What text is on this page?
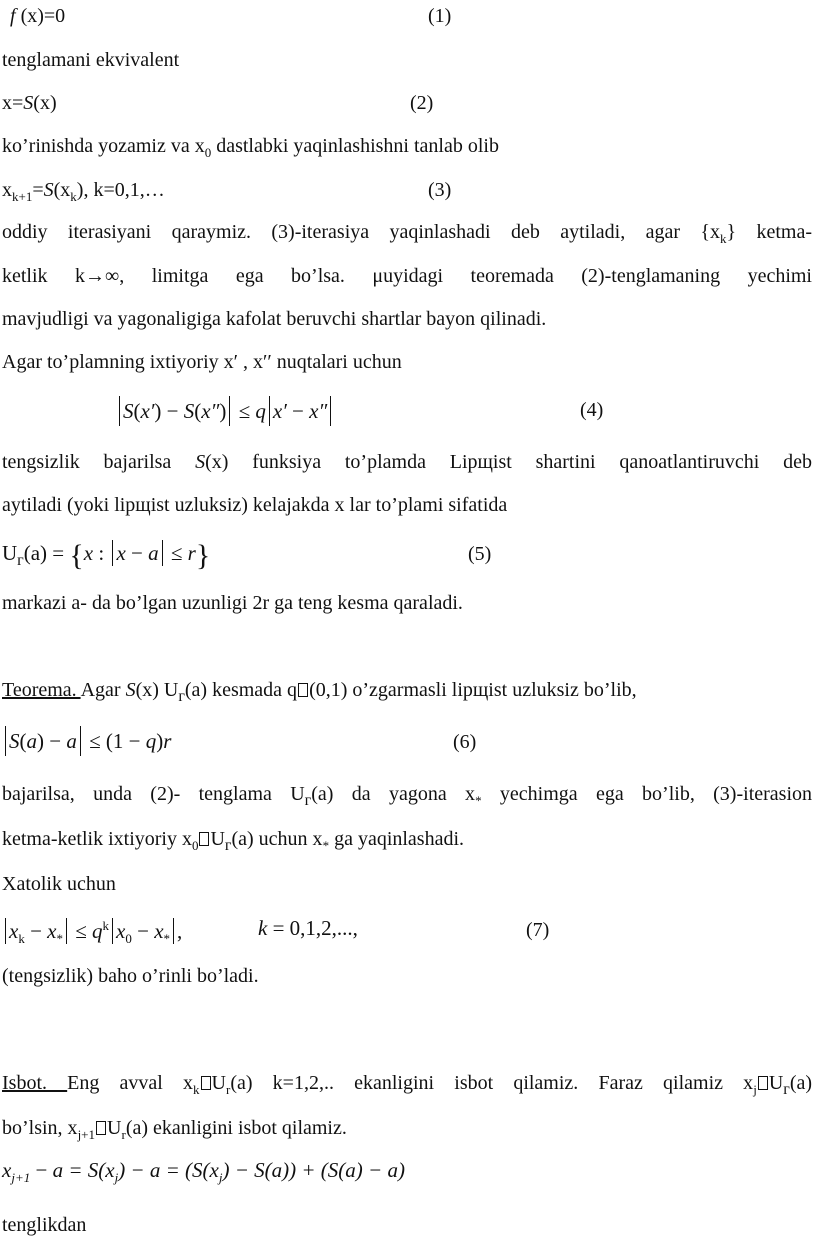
f (x)=0	(1)
tenglamani ekvivalent
x=S(x)	(2)
ko’rinishda yozamiz va $x_0$ dastlabki yaqinlashishni tanlab olib
$x_{k+1}=S(x_k)$, k=0,1,…	(3)
oddiy iterasiyani qaraymiz. (3)-iterasiya yaqinlashadi deb aytiladi, agar $\{x_k\}$ ketma-
ketlik k→∞, limitga ega bo’lsa. μuyidagi teoremada (2)-tenglamaning yechimi
mavjudligi va yagonaligiga kafolat beruvchi shartlar bayon qilinadi.
Agar to’plamning ixtiyoriy x′ , x′′ nuqtalari uchun
S(x′) − S(x″) ≤ q x′ − x″	(4)
tengsizlik bajarilsa S(x) funksiya to’plamda Lipщist shartini qanoatlantiruvchi deb
aytiladi (yoki lipщist uzluksiz) kelajakda x lar to’plami sifatida
$U_г(a) = \{x$ : x − a ≤ r}	(5)
markazi a- da bo’lgan uzunligi 2r ga teng kesma qaraladi.
Teorema. Agar S(x) $U_г(a)$ kesmada q (0,1) o’zgarmasli lipщist uzluksiz bo’lib,
S(a) − a ≤ (1 − q)r	(6)
bajarilsa, unda (2)- tenglama $U_г(a)$ da yagona $x_*$ yechimga ega bo’lib, (3)-iterasion
ketma-ketlik ixtiyoriy $x_0$ $U_г(a)$ uchun $x_*$ ga yaqinlashadi.
Xatolik uchun
$x_k - x_* \le q^k$ $x_0 - x_*$ ,	k = 0,1,2,...,	(7)
(tengsizlik) baho o’rinli bo’ladi.
Isbot. Eng avval $x_k$ $U_r(a)$ k=1,2,.. ekanligini isbot qilamiz. Faraz qilamiz $x_j$ $U_г(a)$
bo’lsin, $x_{j+1}$ $U_r(a)$ ekanligini isbot qilamiz.
$x_{j+1} - a = S(x_j) - a = (S(x_j) - S(a)) + (S(a) - a)$
tenglikdan
